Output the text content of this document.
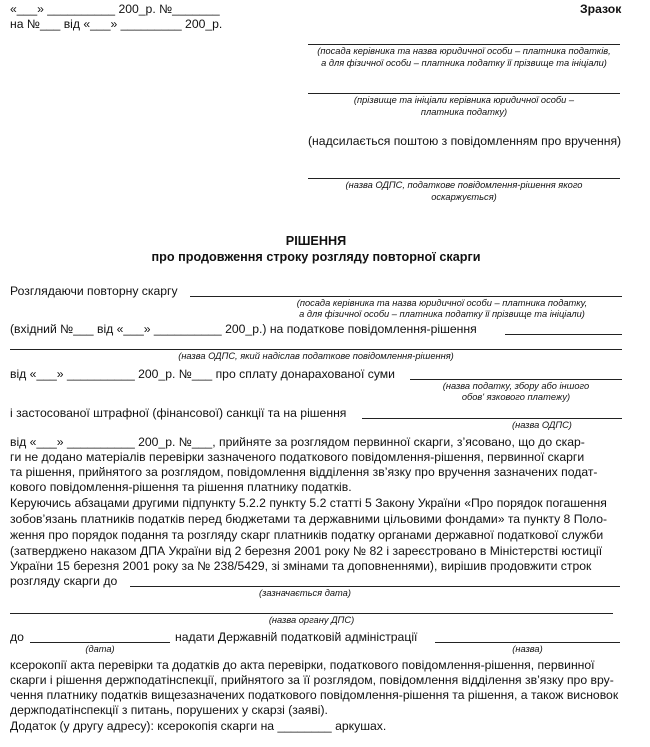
«___» __________ 200_р. №_______
на №___ від «___» _________ 200_р.
Зразок
(посада керівника та назва юридичної особи – платника податків,
а для фізичної особи – платника податку її прізвище та ініціали)
(прізвище та ініціали керівника юридичної особи –
платника податку)
(надсилається поштою з повідомленням про вручення)
(назва ОДПС, податкове повідомлення-рішення якого
оскаржується)
РІШЕННЯ
про продовження строку розгляду повторної скарги
Розглядаючи повторну скаргу
(посада керівника та назва юридичної особи – платника податку,
а для фізичної особи – платника податку її прізвище та ініціали)
(вхідний №___ від «___» __________ 200_р.) на податкове повідомлення-рішення
(назва ОДПС, який надіслав податкове повідомлення-рішення)
від «___» __________ 200_р. №___ про сплату донарахованої суми
(назва податку, збору або іншого
обов' язкового платежу)
і застосованої штрафної (фінансової) санкції та на рішення
(назва ОДПС)
від «___» __________ 200_р. №___, прийняте за розглядом первинної скарги, з’ясовано, що до скар-
ги не додано матеріалів перевірки зазначеного податкового повідомлення-рішення, первинної скарги
та рішення, прийнятого за розглядом, повідомлення відділення зв’язку про вручення зазначених подат-
кового повідомлення-рішення та рішення платнику податків.
Керуючись абзацами другими підпункту 5.2.2 пункту 5.2 статті 5 Закону України «Про порядок погашення
зобов’язань платників податків перед бюджетами та державними цільовими фондами» та пункту 8 Поло-
ження про порядок подання та розгляду скарг платників податку органами державної податкової служби
(затверджено наказом ДПА України від 2 березня 2001 року № 82 і зареєстровано в Міністерстві юстиції
України 15 березня 2001 року за № 238/5429, зі змінами та доповненнями), вирішив продовжити строк
розгляду скарги до
(зазначається дата)
(назва органу ДПС)
до	надати Державній податковій адміністрації
(дата)	(назва)
ксерокопії акта перевірки та додатків до акта перевірки, податкового повідомлення-рішення, первинної
скарги і рішення держподатінспекції, прийнятого за її розглядом, повідомлення відділення зв’язку про вру-
чення платнику податків вищезазначених податкового повідомлення-рішення та рішення, а також висновок
держподатінспекції з питань, порушених у скарзі (заяві).
Додаток (у другу адресу): ксерокопія скарги на ________ аркушах.
